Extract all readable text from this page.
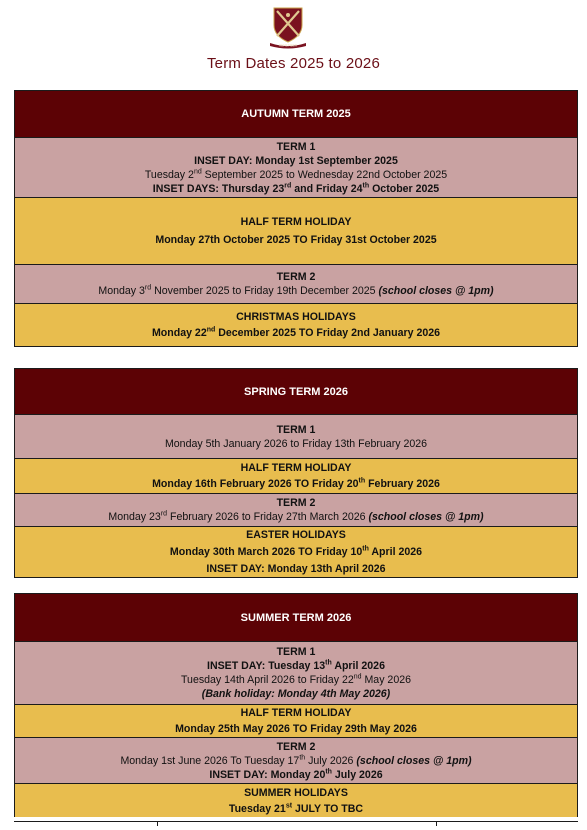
REMEMBER
Term Dates 2025 to 2026
AUTUMN TERM 2025

TERM 1
INSET DAY: Monday 1st September 2025
Tuesday 2nd September 2025 to Wednesday 22nd October 2025
INSET DAYS: Thursday 23rd and Friday 24th October 2025

HALF TERM HOLIDAY
Monday 27th October 2025 TO Friday 31st October 2025

TERM 2
Monday 3rd November 2025 to Friday 19th December 2025 (school closes @ 1pm)

CHRISTMAS HOLIDAYS
Monday 22nd December 2025 TO Friday 2nd January 2026
SPRING TERM 2026

TERM 1
Monday 5th January 2026 to Friday 13th February 2026

HALF TERM HOLIDAY
Monday 16th February 2026 TO Friday 20th February 2026

TERM 2
Monday 23rd February 2026 to Friday 27th March 2026 (school closes @ 1pm)

EASTER HOLIDAYS
Monday 30th March 2026 TO Friday 10th April 2026
INSET DAY: Monday 13th April 2026
SUMMER TERM 2026

TERM 1
INSET DAY: Tuesday 13th April 2026
Tuesday 14th April 2026 to Friday 22nd May 2026
(Bank holiday: Monday 4th May 2026)

HALF TERM HOLIDAY
Monday 25th May 2026 TO Friday 29th May 2026

TERM 2
Monday 1st June 2026 To Tuesday 17th July 2026 (school closes @ 1pm)
INSET DAY: Monday 20th July 2026

SUMMER HOLIDAYS
Tuesday 21st JULY TO TBC
